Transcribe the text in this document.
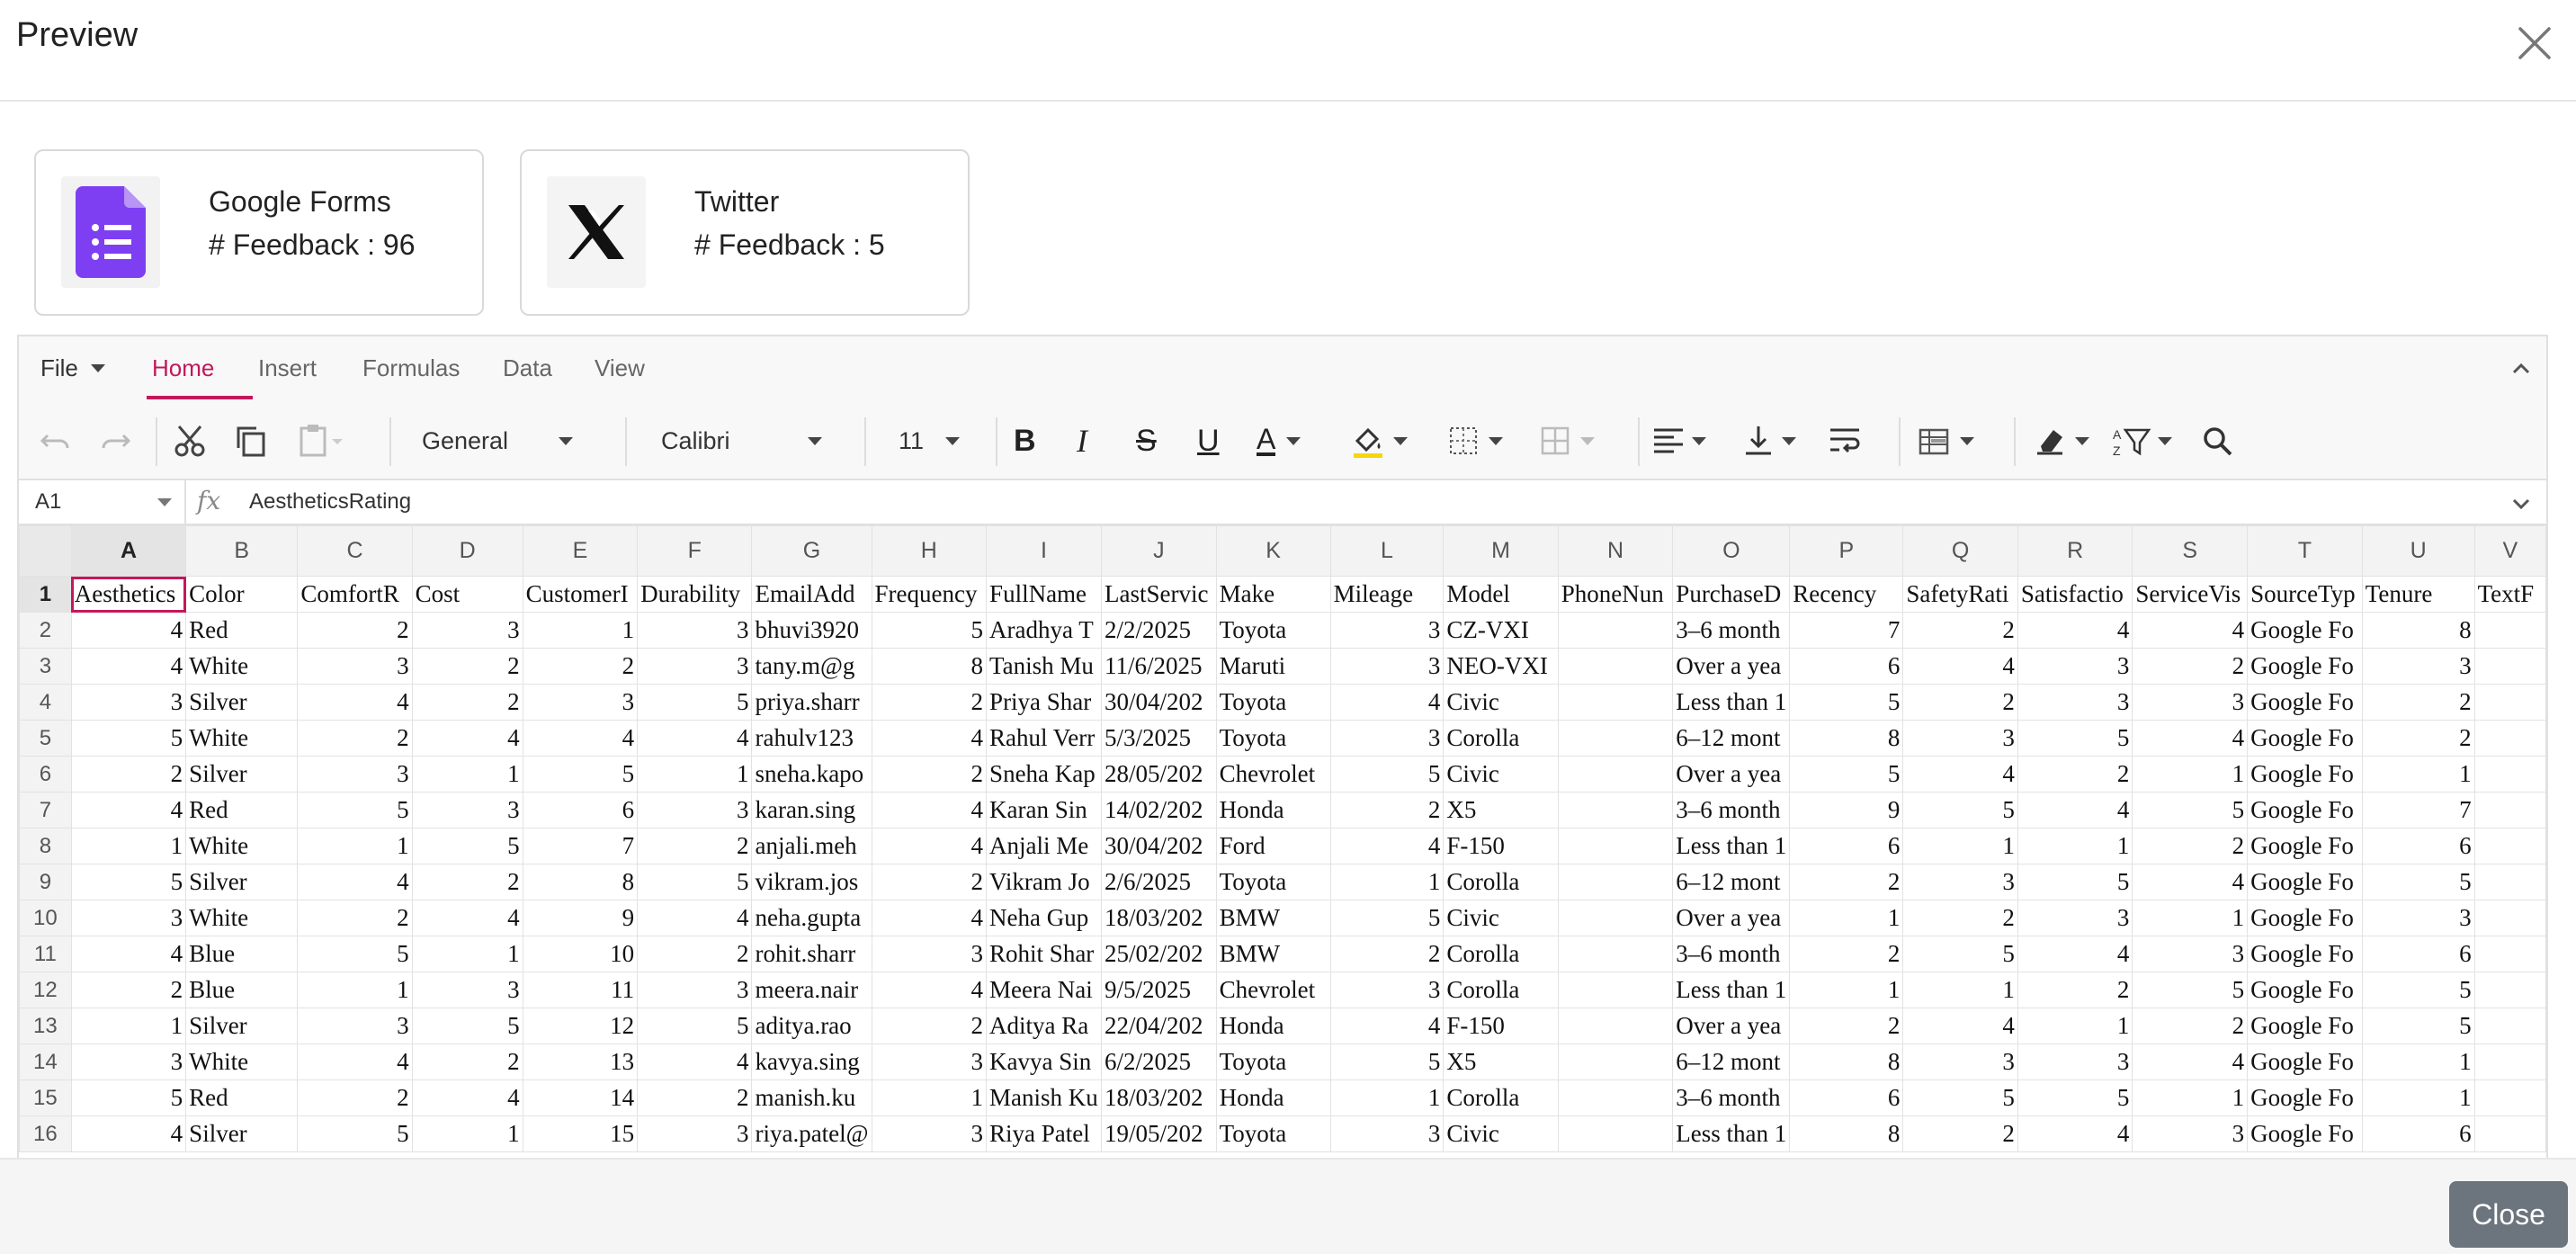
Preview
Google Forms
# Feedback : 96
Twitter
# Feedback : 5
File	Home Insert Formulas Data View
General	Calibri	11	B I S U A	A
Z
A1	fx AestheticsRating
	A	B	C	D	E	F	G	H	I	J	K	L	M	N	O	P	Q	R	S	T	U	V
1	Aesthetics	Color	ComfortR	Cost	CustomerI	Durability	EmailAdd	Frequency	FullName	LastServic	Make	Mileage	Model	PhoneNun	PurchaseD	Recency	SafetyRati	Satisfactio	ServiceVis	SourceTyp	Tenure	TextF
2	4	Red	2	3	1	3	bhuvi3920	5	Aradhya T	2/2/2025	Toyota	3	CZ-VXI		3–6 month	7	2	4	4	Google Fo	8	
3	4	White	3	2	2	3	tany.m@g	8	Tanish Mu	11/6/2025	Maruti	3	NEO-VXI		Over a yea	6	4	3	2	Google Fo	3	
4	3	Silver	4	2	3	5	priya.sharr	2	Priya Shar	30/04/202	Toyota	4	Civic		Less than 1	5	2	3	3	Google Fo	2	
5	5	White	2	4	4	4	rahulv123	4	Rahul Verr	5/3/2025	Toyota	3	Corolla		6–12 mont	8	3	5	4	Google Fo	2	
6	2	Silver	3	1	5	1	sneha.kapo	2	Sneha Kap	28/05/202	Chevrolet	5	Civic		Over a yea	5	4	2	1	Google Fo	1	
7	4	Red	5	3	6	3	karan.sing	4	Karan Sin	14/02/202	Honda	2	X5		3–6 month	9	5	4	5	Google Fo	7	
8	1	White	1	5	7	2	anjali.meh	4	Anjali Me	30/04/202	Ford	4	F-150		Less than 1	6	1	1	2	Google Fo	6	
9	5	Silver	4	2	8	5	vikram.jos	2	Vikram Jo	2/6/2025	Toyota	1	Corolla		6–12 mont	2	3	5	4	Google Fo	5	
10	3	White	2	4	9	4	neha.gupta	4	Neha Gup	18/03/202	BMW	5	Civic		Over a yea	1	2	3	1	Google Fo	3	
11	4	Blue	5	1	10	2	rohit.sharr	3	Rohit Shar	25/02/202	BMW	2	Corolla		3–6 month	2	5	4	3	Google Fo	6	
12	2	Blue	1	3	11	3	meera.nair	4	Meera Nai	9/5/2025	Chevrolet	3	Corolla		Less than 1	1	1	2	5	Google Fo	5	
13	1	Silver	3	5	12	5	aditya.rao	2	Aditya Ra	22/04/202	Honda	4	F-150		Over a yea	2	4	1	2	Google Fo	5	
14	3	White	4	2	13	4	kavya.sing	3	Kavya Sin	6/2/2025	Toyota	5	X5		6–12 mont	8	3	3	4	Google Fo	1	
15	5	Red	2	4	14	2	manish.ku	1	Manish Ku	18/03/202	Honda	1	Corolla		3–6 month	6	5	5	1	Google Fo	1	
16	4	Silver	5	1	15	3	riya.patel@	3	Riya Patel	19/05/202	Toyota	3	Civic		Less than 1	8	2	4	3	Google Fo	6	
Close
